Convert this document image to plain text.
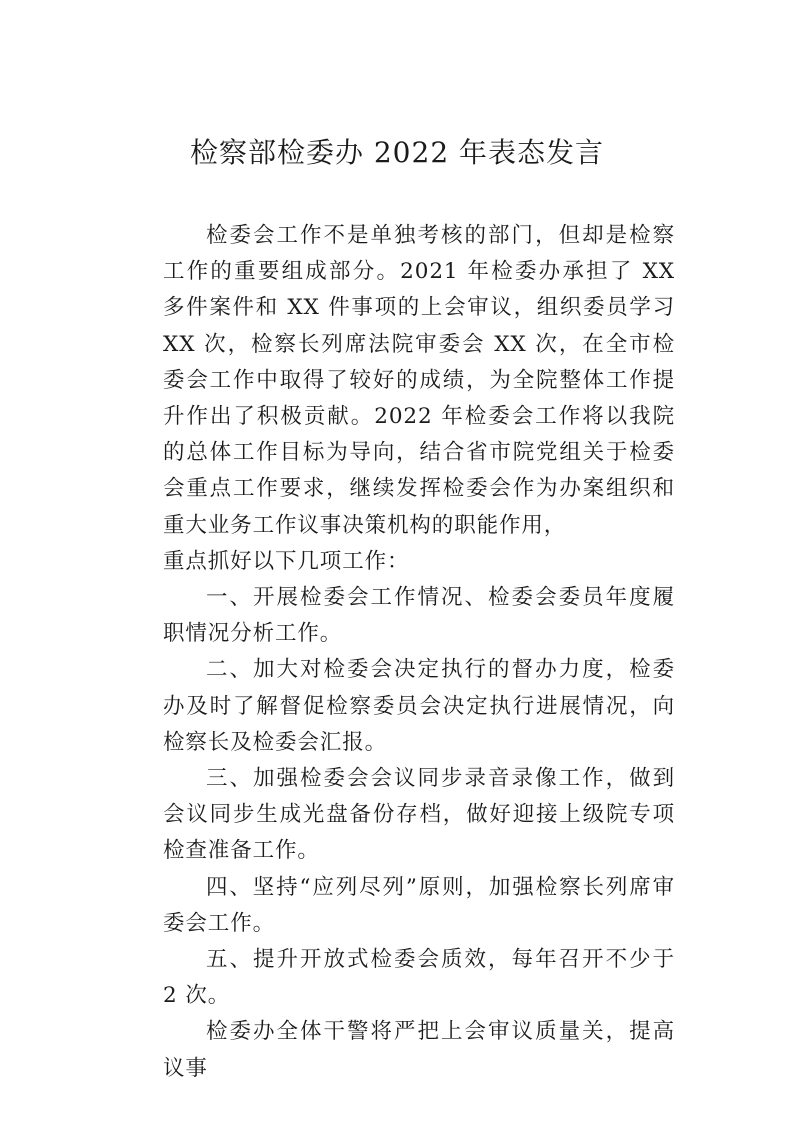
检察部检委办 2022 年表态发言

检委会工作不是单独考核的部门，但却是检察工作的重要组成部分。2021 年检委办承担了 XX 多件案件和 XX 件事项的上会审议，组织委员学习 XX 次，检察长列席法院审委会 XX 次，在全市检委会工作中取得了较好的成绩，为全院整体工作提升作出了积极贡献。2022 年检委会工作将以我院的总体工作目标为导向，结合省市院党组关于检委会重点工作要求，继续发挥检委会作为办案组织和重大业务工作议事决策机构的职能作用，

重点抓好以下几项工作：

一、开展检委会工作情况、检委会委员年度履职情况分析工作。

二、加大对检委会决定执行的督办力度，检委办及时了解督促检察委员会决定执行进展情况，向检察长及检委会汇报。

三、加强检委会会议同步录音录像工作，做到会议同步生成光盘备份存档，做好迎接上级院专项检查准备工作。

四、坚持“应列尽列”原则，加强检察长列席审委会工作。

五、提升开放式检委会质效，每年召开不少于 2 次。

检委办全体干警将严把上会审议质量关，提高议事
